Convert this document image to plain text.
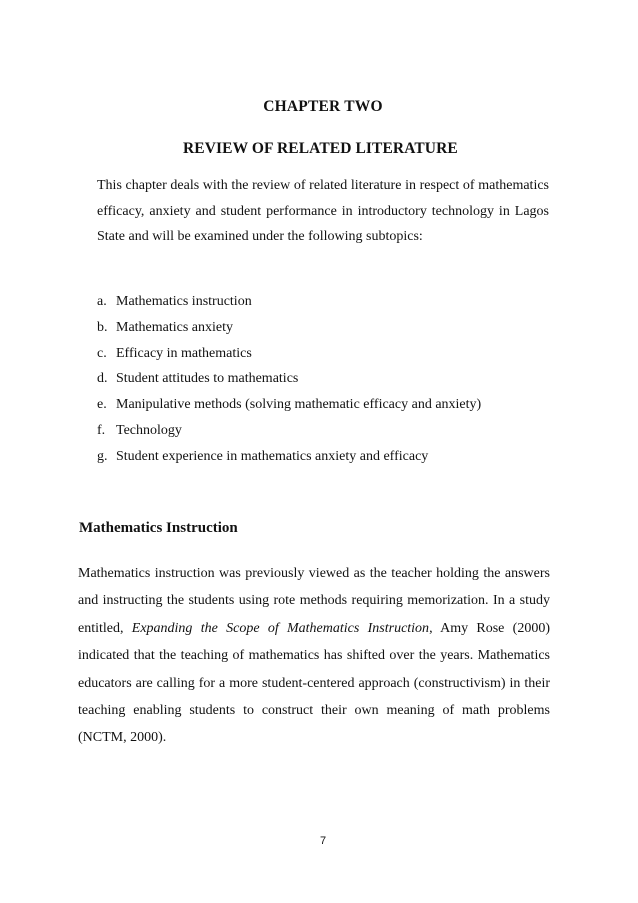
CHAPTER TWO
REVIEW OF RELATED LITERATURE

This chapter deals with the review of related literature in respect of mathematics efficacy, anxiety and student performance in introductory technology in Lagos State and will be examined under the following subtopics:

a. Mathematics instruction
b. Mathematics anxiety
c. Efficacy in mathematics
d. Student attitudes to mathematics
e. Manipulative methods (solving mathematic efficacy and anxiety)
f. Technology
g. Student experience in mathematics anxiety and efficacy
Mathematics Instruction

Mathematics instruction was previously viewed as the teacher holding the answers and instructing the students using rote methods requiring memorization. In a study entitled, Expanding the Scope of Mathematics Instruction, Amy Rose (2000) indicated that the teaching of mathematics has shifted over the years. Mathematics educators are calling for a more student-centered approach (constructivism) in their teaching enabling students to construct their own meaning of math problems (NCTM, 2000).

7
